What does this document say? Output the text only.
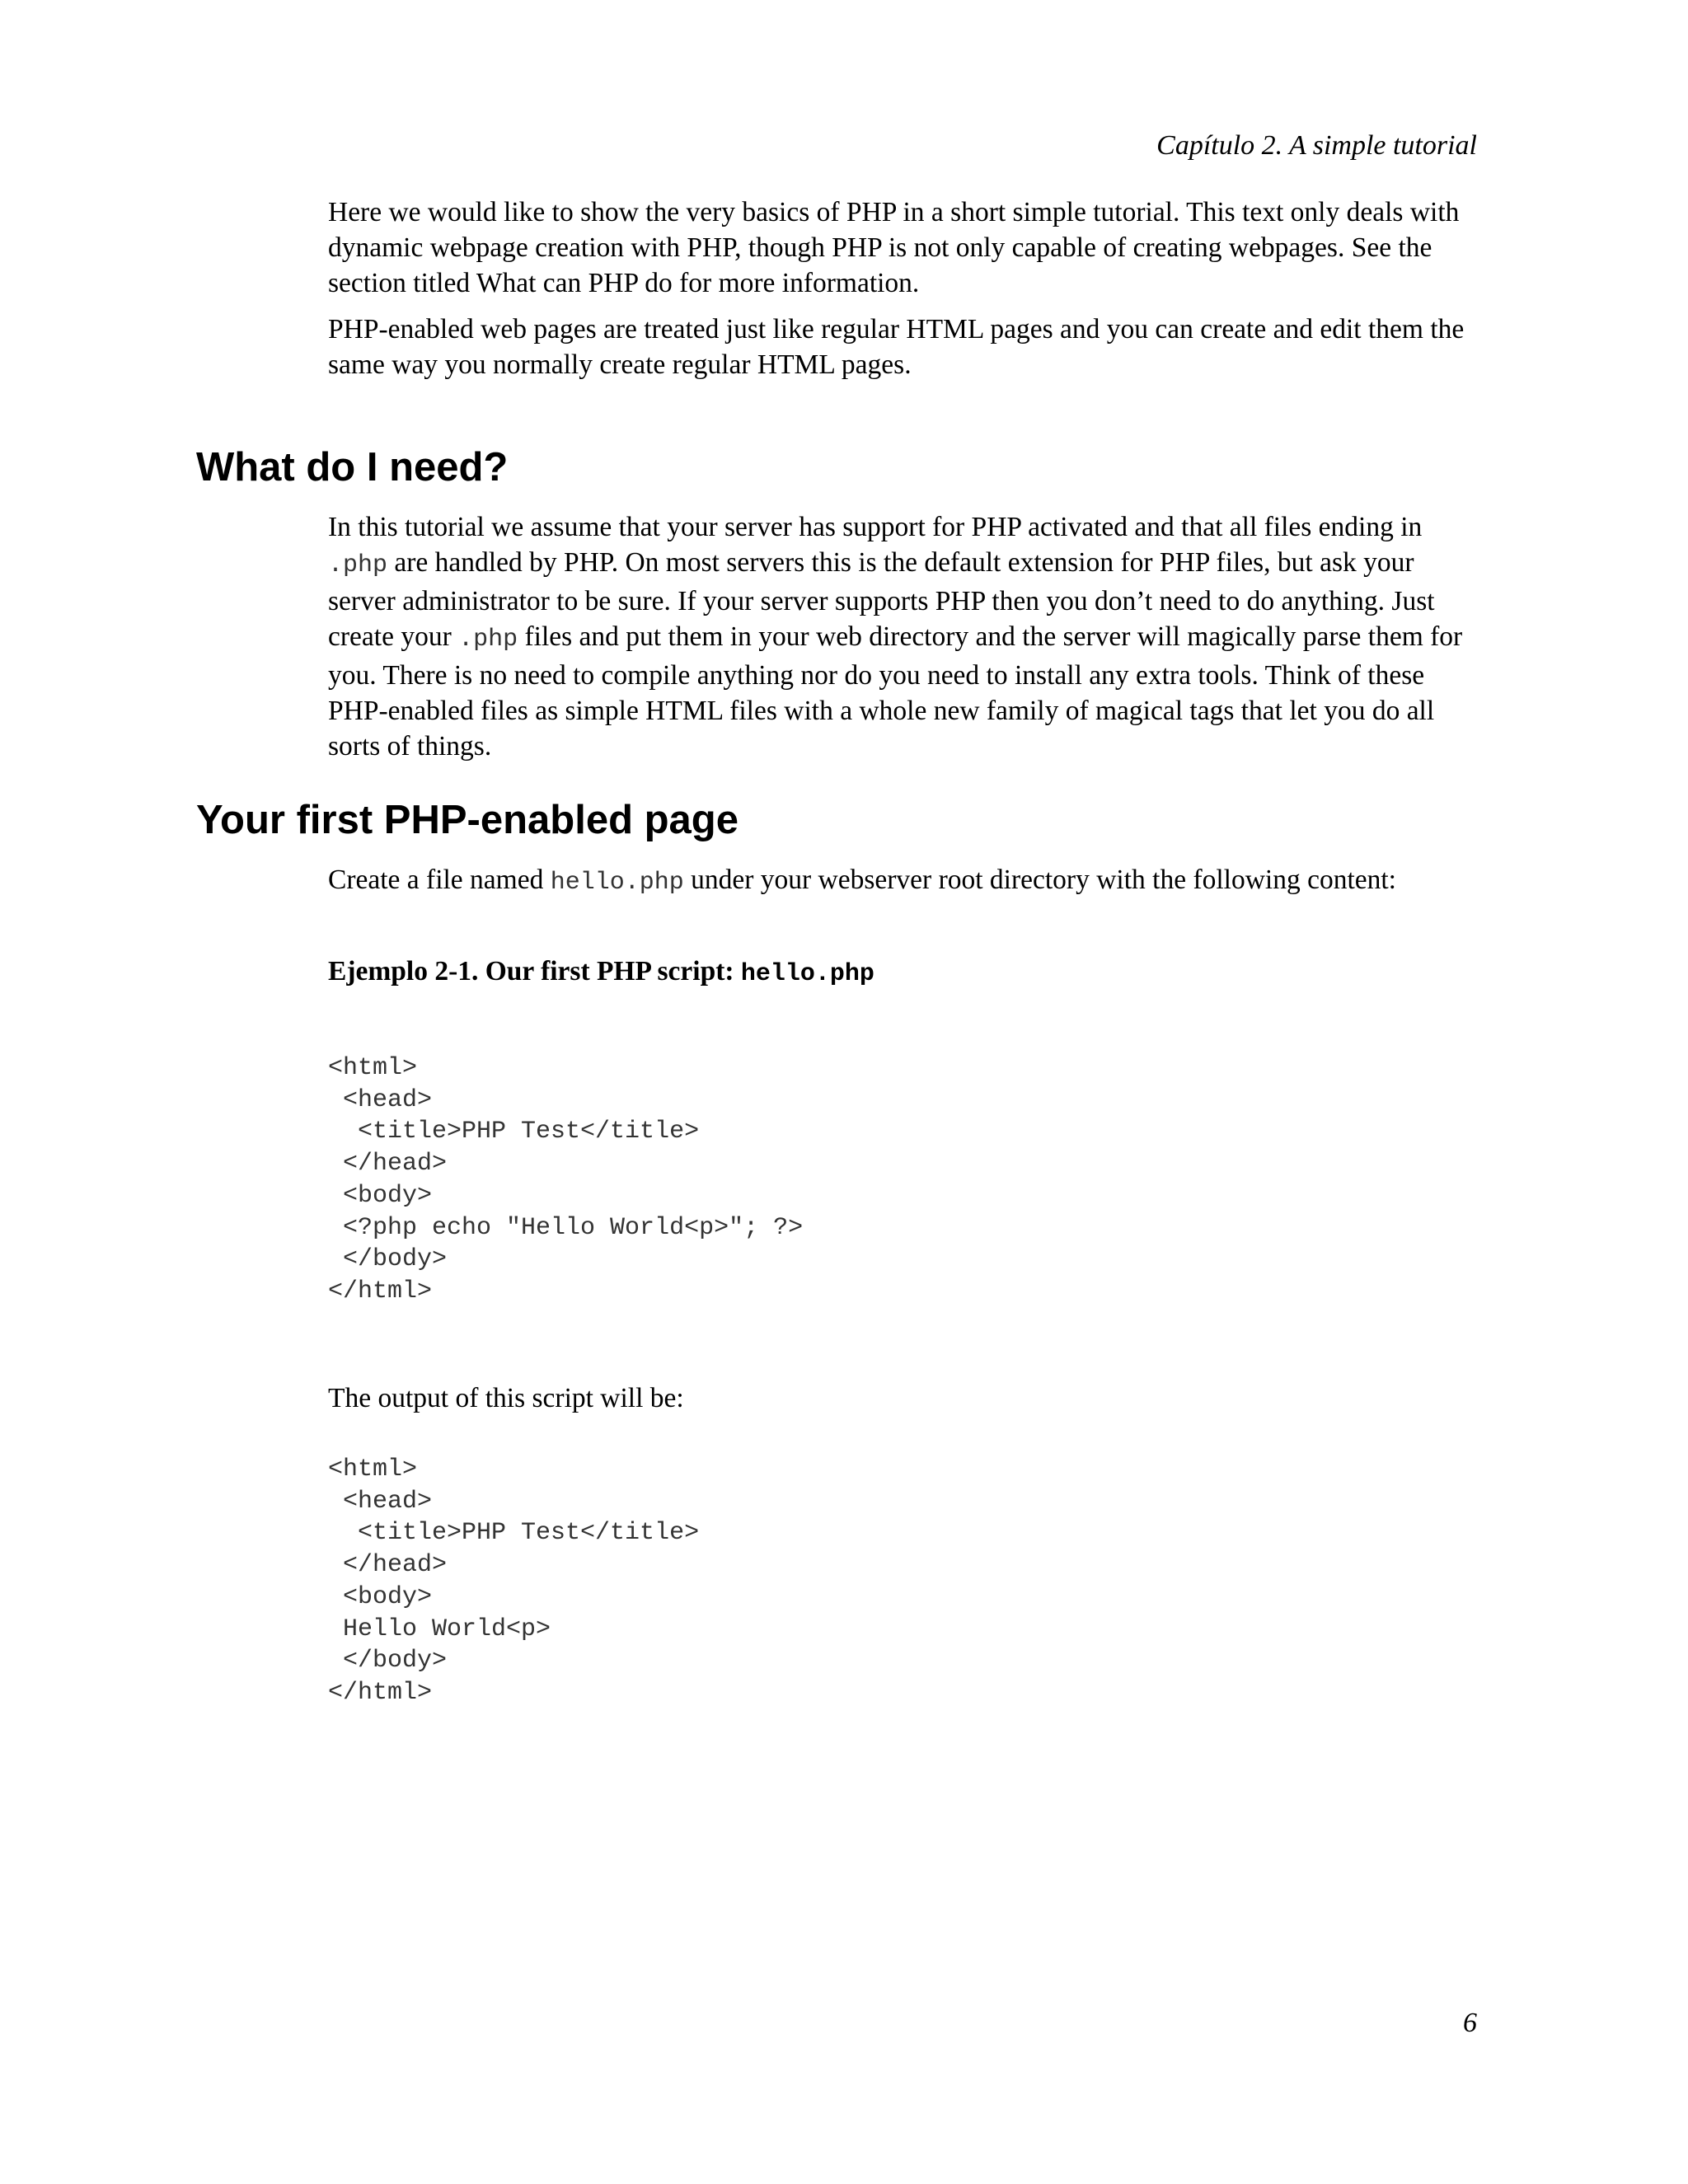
Capítulo 2. A simple tutorial

Here we would like to show the very basics of PHP in a short simple tutorial. This text only deals with dynamic webpage creation with PHP, though PHP is not only capable of creating webpages. See the section titled What can PHP do for more information.

PHP-enabled web pages are treated just like regular HTML pages and you can create and edit them the same way you normally create regular HTML pages.

What do I need?

In this tutorial we assume that your server has support for PHP activated and that all files ending in .php are handled by PHP. On most servers this is the default extension for PHP files, but ask your server administrator to be sure. If your server supports PHP then you don’t need to do anything. Just create your .php files and put them in your web directory and the server will magically parse them for you. There is no need to compile anything nor do you need to install any extra tools. Think of these PHP-enabled files as simple HTML files with a whole new family of magical tags that let you do all sorts of things.

Your first PHP-enabled page

Create a file named hello.php under your webserver root directory with the following content:

Ejemplo 2-1. Our first PHP script: hello.php

<html>
<head>
<title>PHP Test</title>
</head>
<body>
<?php echo "Hello World<p>"; ?>
</body>
</html>

The output of this script will be:

<html>
<head>
<title>PHP Test</title>
</head>
<body>
Hello World<p>
</body>
</html>
6
